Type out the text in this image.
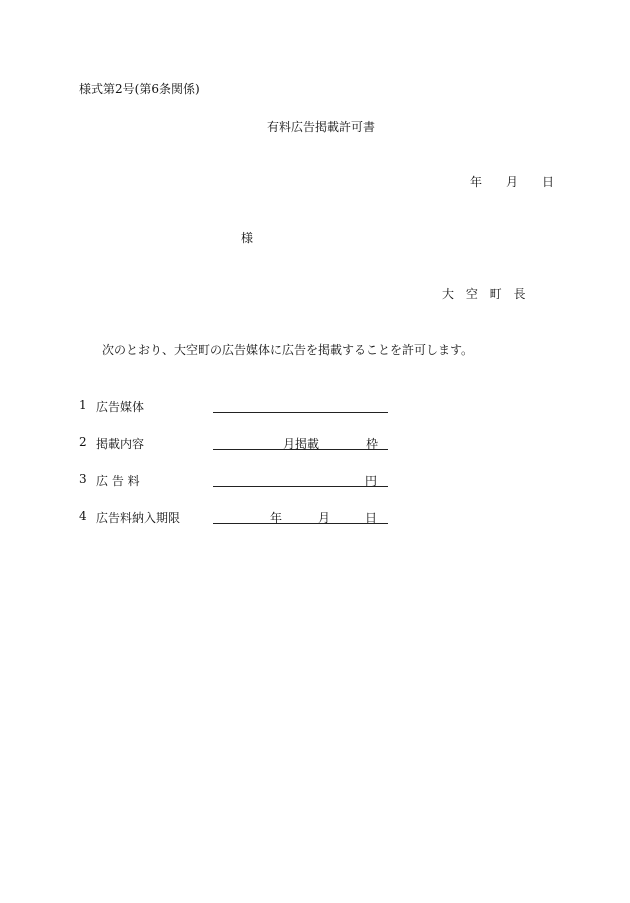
様式第2号(第6条関係)
有料広告掲載許可書
年 月 日
様
大 空 町 長
次のとおり、大空町の広告媒体に広告を掲載することを許可します。
1 広告媒体
2 掲載内容	月掲載	枠
3 広 告 料	円
4 広告料納入期限	年	月	日
